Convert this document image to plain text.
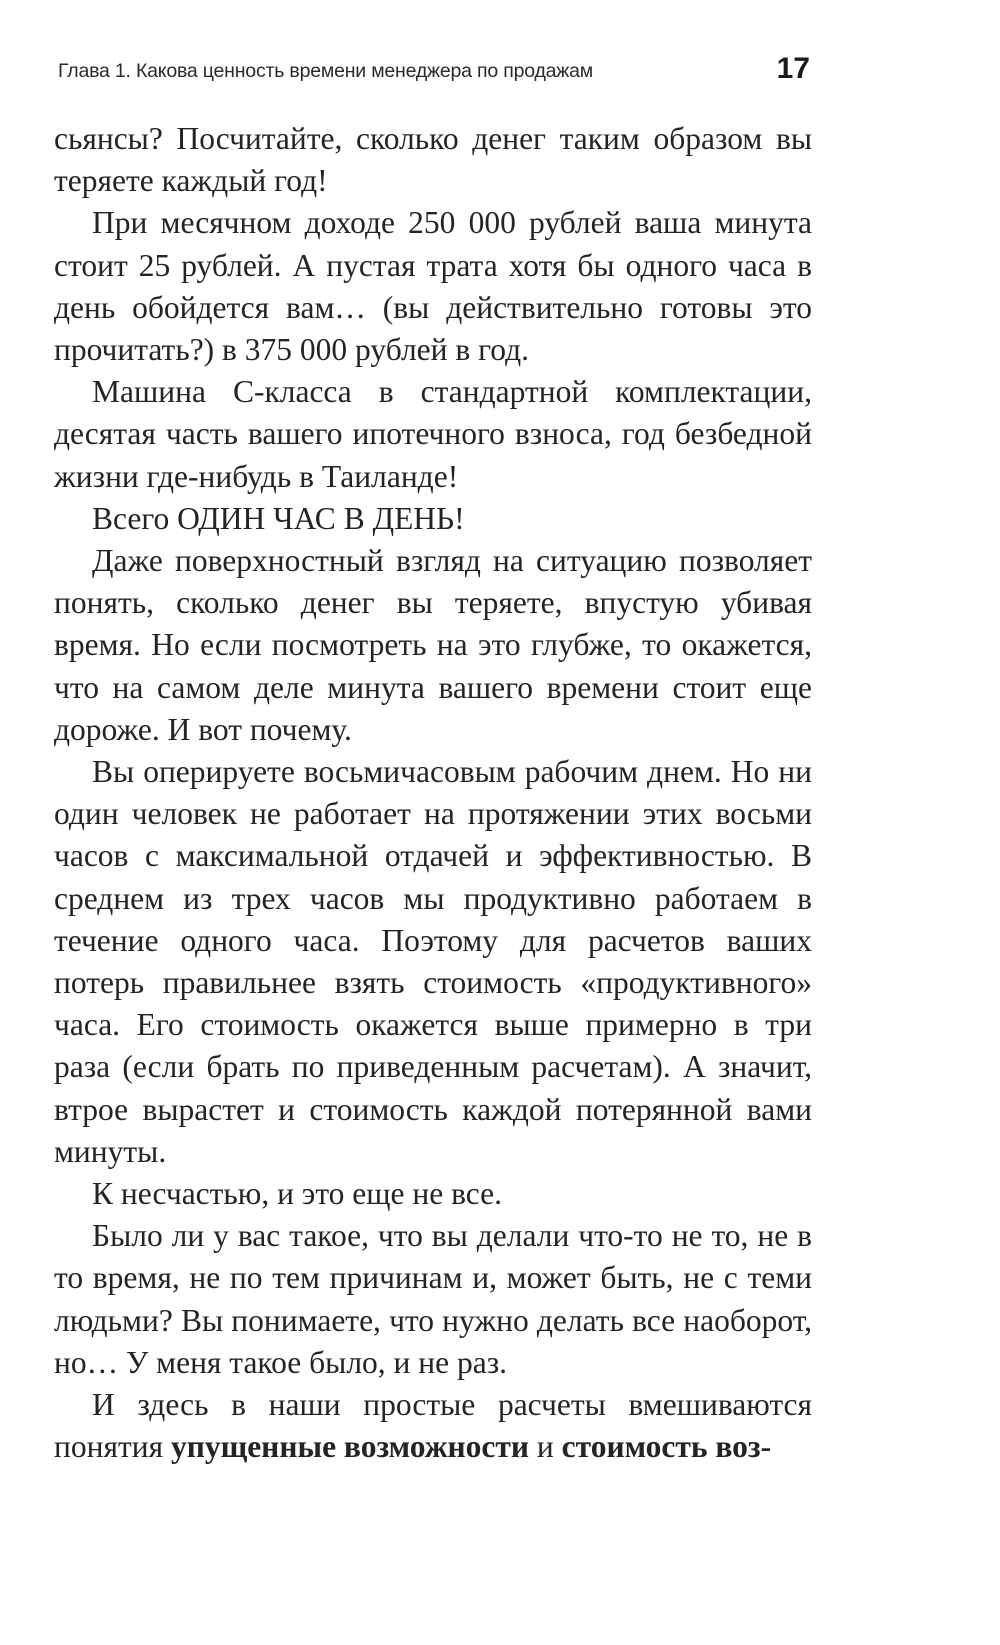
Глава 1. Какова ценность времени менеджера по продажам	17

сьянсы? Посчитайте, сколько денег таким образом вы теряете каждый год!

При месячном доходе 250 000 рублей ваша минута стоит 25 рублей. А пустая трата хотя бы одного часа в день обойдется вам… (вы действительно готовы это прочитать?) в 375 000 рублей в год.

Машина С-класса в стандартной комплектации, десятая часть вашего ипотечного взноса, год безбедной жизни где-нибудь в Таиланде!

Всего ОДИН ЧАС В ДЕНЬ!

Даже поверхностный взгляд на ситуацию позволяет понять, сколько денег вы теряете, впустую убивая время. Но если посмотреть на это глубже, то окажется, что на самом деле минута вашего времени стоит еще дороже. И вот почему.

Вы оперируете восьмичасовым рабочим днем. Но ни один человек не работает на протяжении этих восьми часов с максимальной отдачей и эффективностью. В среднем из трех часов мы продуктивно работаем в течение одного часа. Поэтому для расчетов ваших потерь правильнее взять стоимость «продуктивного» часа. Его стоимость окажется выше примерно в три раза (если брать по приведенным расчетам). А значит, втрое вырастет и стоимость каждой потерянной вами минуты.

К несчастью, и это еще не все.

Было ли у вас такое, что вы делали что-то не то, не в то время, не по тем причинам и, может быть, не с теми людьми? Вы понимаете, что нужно делать все наоборот, но… У меня такое было, и не раз.

И здесь в наши простые расчеты вмешиваются понятия упущенные возможности и стоимость воз-
